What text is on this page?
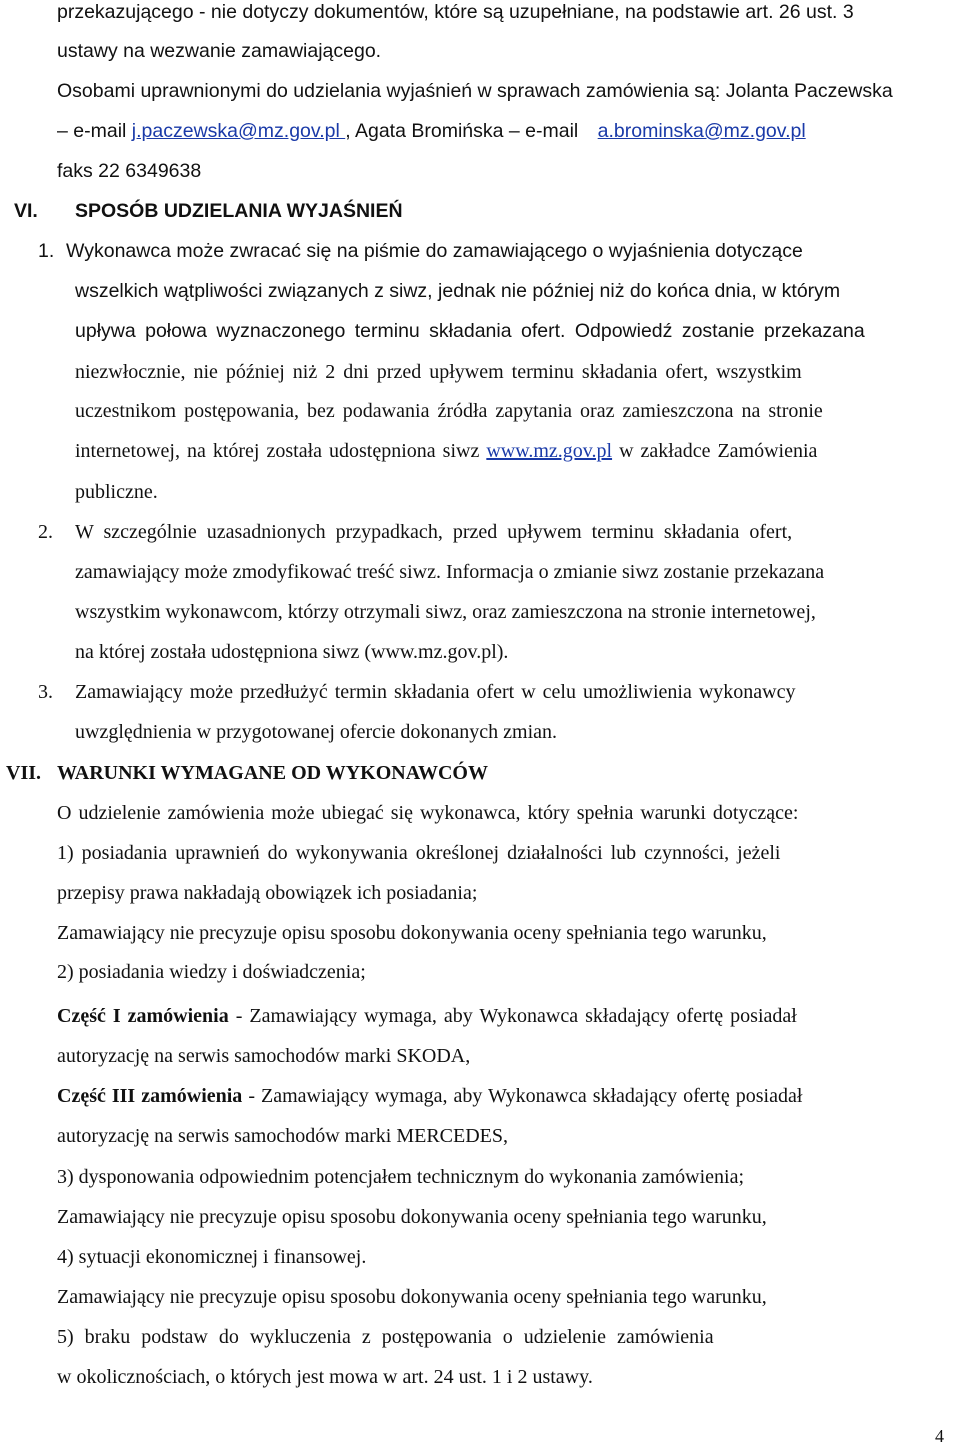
przekazującego - nie dotyczy dokumentów, które są uzupełniane, na podstawie art. 26 ust. 3
ustawy na wezwanie zamawiającego.
Osobami uprawnionymi do udzielania wyjaśnień w sprawach zamówienia są: Jolanta Paczewska
– e-mail j.paczewska@mz.gov.pl , Agata Bromińska – e-mail a.brominska@mz.gov.pl
faks 22 6349638
VI. SPOSÓB UDZIELANIA WYJAŚNIEŃ
1. Wykonawca może zwracać się na piśmie do zamawiającego o wyjaśnienia dotyczące
wszelkich wątpliwości związanych z siwz, jednak nie później niż do końca dnia, w którym
upływa połowa wyznaczonego terminu składania ofert. Odpowiedź zostanie przekazana
niezwłocznie, nie później niż 2 dni przed upływem terminu składania ofert, wszystkim
uczestnikom postępowania, bez podawania źródła zapytania oraz zamieszczona na stronie
internetowej, na której została udostępniona siwz www.mz.gov.pl w zakładce Zamówienia
publiczne.
2. W szczególnie uzasadnionych przypadkach, przed upływem terminu składania ofert,
zamawiający może zmodyfikować treść siwz. Informacja o zmianie siwz zostanie przekazana
wszystkim wykonawcom, którzy otrzymali siwz, oraz zamieszczona na stronie internetowej,
na której została udostępniona siwz (www.mz.gov.pl).
3. Zamawiający może przedłużyć termin składania ofert w celu umożliwienia wykonawcy
uwzględnienia w przygotowanej ofercie dokonanych zmian.
VII. WARUNKI WYMAGANE OD WYKONAWCÓW
O udzielenie zamówienia może ubiegać się wykonawca, który spełnia warunki dotyczące:
1) posiadania uprawnień do wykonywania określonej działalności lub czynności, jeżeli
przepisy prawa nakładają obowiązek ich posiadania;
Zamawiający nie precyzuje opisu sposobu dokonywania oceny spełniania tego warunku,
2) posiadania wiedzy i doświadczenia;
Część I zamówienia - Zamawiający wymaga, aby Wykonawca składający ofertę posiadał
autoryzację na serwis samochodów marki SKODA,
Część III zamówienia - Zamawiający wymaga, aby Wykonawca składający ofertę posiadał
autoryzację na serwis samochodów marki MERCEDES,
3) dysponowania odpowiednim potencjałem technicznym do wykonania zamówienia;
Zamawiający nie precyzuje opisu sposobu dokonywania oceny spełniania tego warunku,
4) sytuacji ekonomicznej i finansowej.
Zamawiający nie precyzuje opisu sposobu dokonywania oceny spełniania tego warunku,
5) braku podstaw do wykluczenia z postępowania o udzielenie zamówienia
w okolicznościach, o których jest mowa w art. 24 ust. 1 i 2 ustawy.
4
